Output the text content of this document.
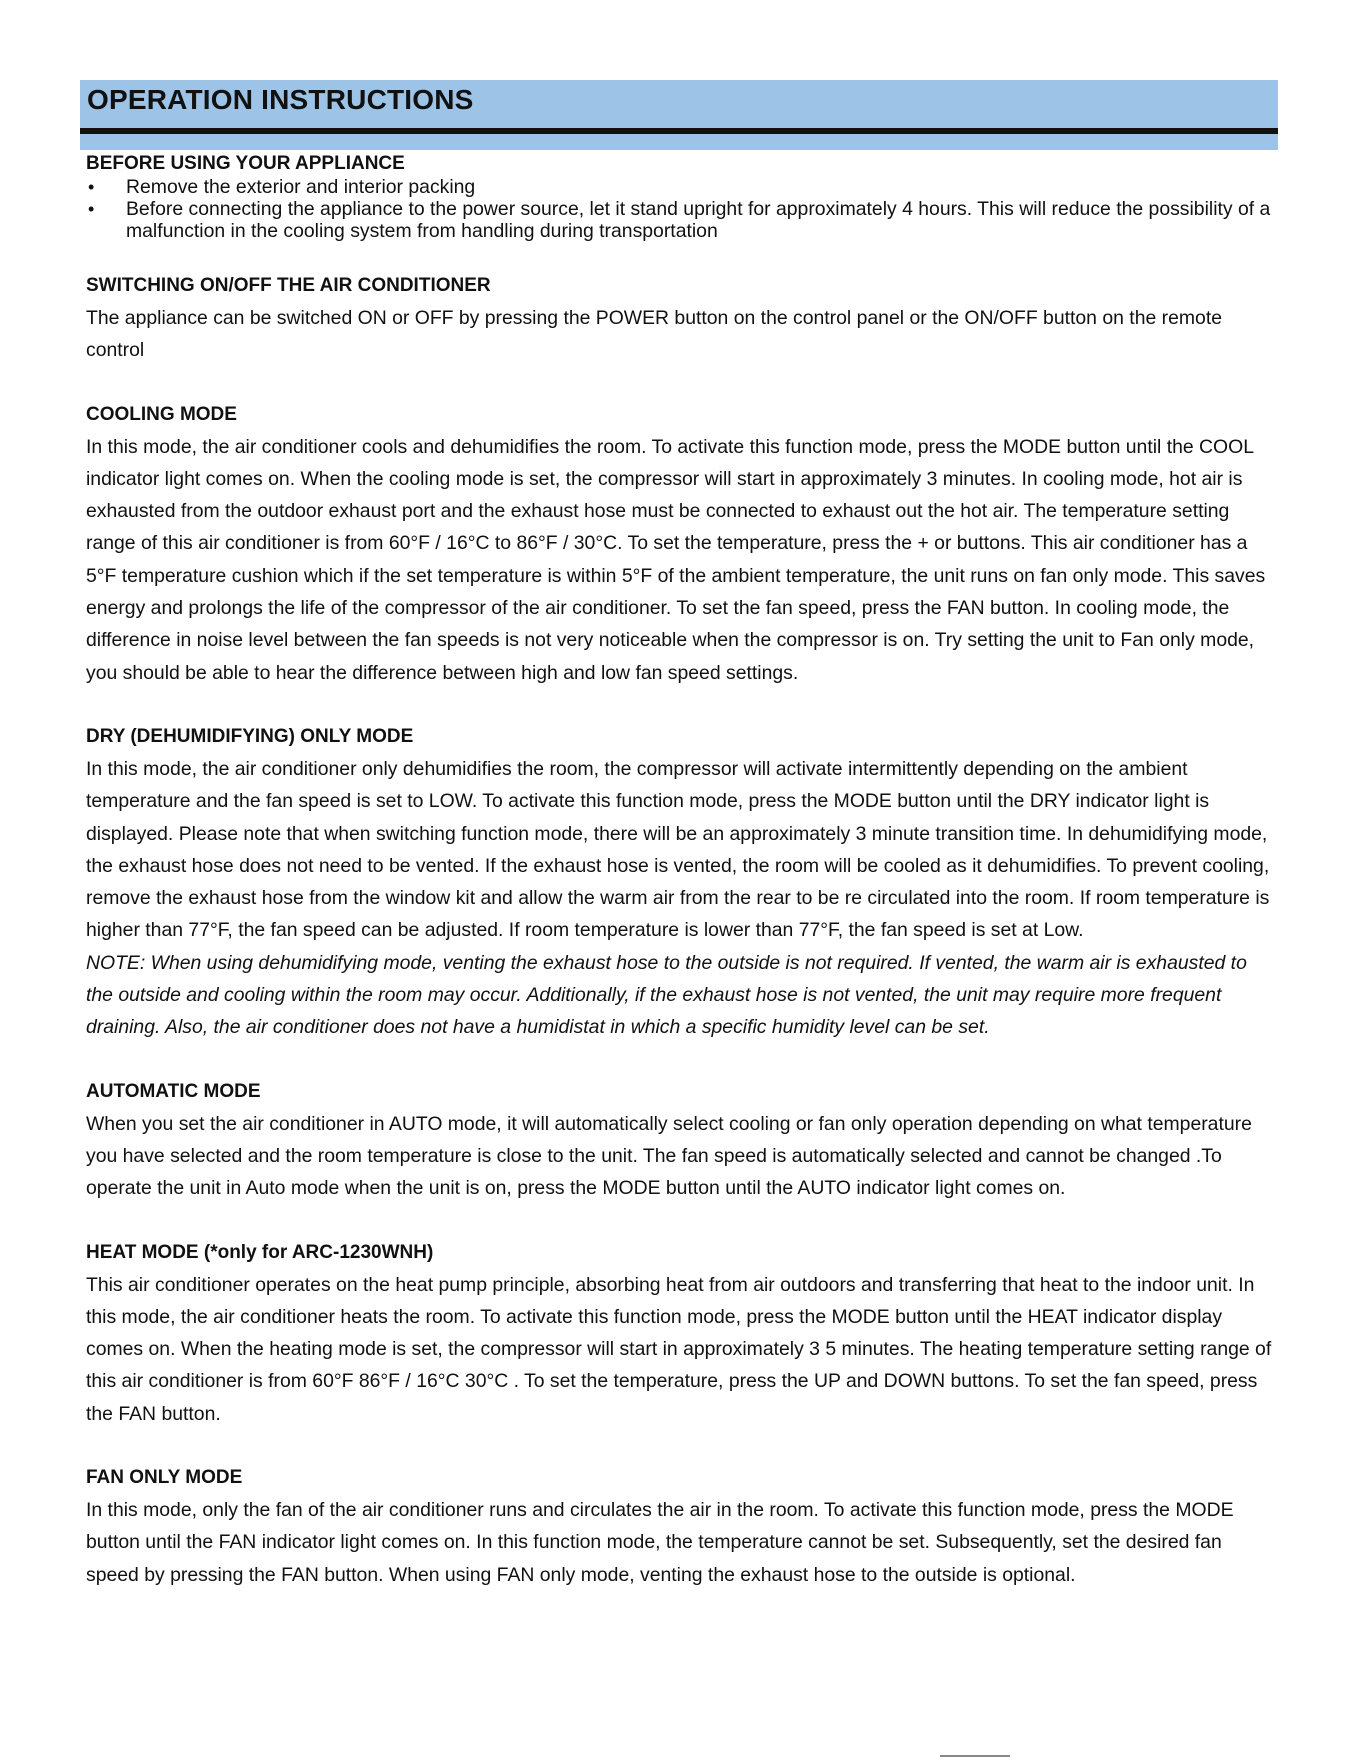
OPERATION INSTRUCTIONS
BEFORE USING YOUR APPLIANCE
• Remove the exterior and interior packing
• Before connecting the appliance to the power source, let it stand upright for approximately 4 hours. This will reduce the possibility of a malfunction in the cooling system from handling during transportation
SWITCHING ON/OFF THE AIR CONDITIONER

The appliance can be switched ON or OFF by pressing the POWER button on the control panel or the ON/OFF button on the remote control

COOLING MODE

In this mode, the air conditioner cools and dehumidifies the room. To activate this function mode, press the MODE button until the COOL indicator light comes on. When the cooling mode is set, the compressor will start in approximately 3 minutes. In cooling mode, hot air is exhausted from the outdoor exhaust port and the exhaust hose must be connected to exhaust out the hot air. The temperature setting range of this air conditioner is from 60°F / 16°C to 86°F / 30°C. To set the temperature, press the + or buttons. This air conditioner has a 5°F temperature cushion which if the set temperature is within 5°F of the ambient temperature, the unit runs on fan only mode. This saves energy and prolongs the life of the compressor of the air conditioner. To set the fan speed, press the FAN button. In cooling mode, the difference in noise level between the fan speeds is not very noticeable when the compressor is on. Try setting the unit to Fan only mode, you should be able to hear the difference between high and low fan speed settings.

DRY (DEHUMIDIFYING) ONLY MODE

In this mode, the air conditioner only dehumidifies the room, the compressor will activate intermittently depending on the ambient temperature and the fan speed is set to LOW. To activate this function mode, press the MODE button until the DRY indicator light is displayed. Please note that when switching function mode, there will be an approximately 3 minute transition time. In dehumidifying mode, the exhaust hose does not need to be vented. If the exhaust hose is vented, the room will be cooled as it dehumidifies. To prevent cooling, remove the exhaust hose from the window kit and allow the warm air from the rear to be re circulated into the room. If room temperature is higher than 77°F, the fan speed can be adjusted. If room temperature is lower than 77°F, the fan speed is set at Low.

NOTE: When using dehumidifying mode, venting the exhaust hose to the outside is not required. If vented, the warm air is exhausted to the outside and cooling within the room may occur. Additionally, if the exhaust hose is not vented, the unit may require more frequent draining. Also, the air conditioner does not have a humidistat in which a specific humidity level can be set.

AUTOMATIC MODE

When you set the air conditioner in AUTO mode, it will automatically select cooling or fan only operation depending on what temperature you have selected and the room temperature is close to the unit. The fan speed is automatically selected and cannot be changed .To operate the unit in Auto mode when the unit is on, press the MODE button until the AUTO indicator light comes on.

HEAT MODE (*only for ARC-1230WNH)

This air conditioner operates on the heat pump principle, absorbing heat from air outdoors and transferring that heat to the indoor unit. In this mode, the air conditioner heats the room. To activate this function mode, press the MODE button until the HEAT indicator display comes on. When the heating mode is set, the compressor will start in approximately 3 5 minutes. The heating temperature setting range of this air conditioner is from 60°F 86°F / 16°C 30°C . To set the temperature, press the UP and DOWN buttons. To set the fan speed, press the FAN button.

FAN ONLY MODE

In this mode, only the fan of the air conditioner runs and circulates the air in the room. To activate this function mode, press the MODE button until the FAN indicator light comes on. In this function mode, the temperature cannot be set. Subsequently, set the desired fan speed by pressing the FAN button. When using FAN only mode, venting the exhaust hose to the outside is optional.
